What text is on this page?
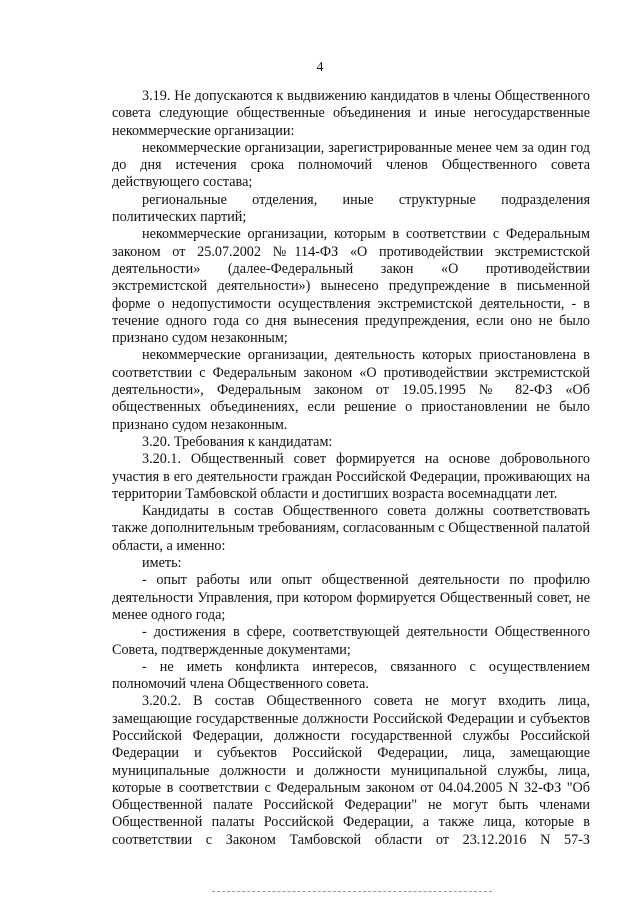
4

3.19. Не допускаются к выдвижению кандидатов в члены Общественного совета следующие общественные объединения и иные негосударственные некоммерческие организации:

некоммерческие организации, зарегистрированные менее чем за один год до дня истечения срока полномочий членов Общественного совета действующего состава;

региональные отделения, иные структурные подразделения политических партий;

некоммерческие организации, которым в соответствии с Федеральным законом от 25.07.2002 №114-ФЗ «О противодействии экстремистской деятельности» (далее-Федеральный закон «О противодействии экстремистской деятельности») вынесено предупреждение в письменной форме о недопустимости осуществления экстремистской деятельности, - в течение одного года со дня вынесения предупреждения, если оно не было признано судом незаконным;

некоммерческие организации, деятельность которых приостановлена в соответствии с Федеральным законом «О противодействии экстремистской деятельности», Федеральным законом от 19.05.1995 № 82-ФЗ «Об общественных объединениях, если решение о приостановлении не было признано судом незаконным.

3.20. Требования к кандидатам:

3.20.1. Общественный совет формируется на основе добровольного участия в его деятельности граждан Российской Федерации, проживающих на территории Тамбовской области и достигших возраста восемнадцати лет.

Кандидаты в состав Общественного совета должны соответствовать также дополнительным требованиям, согласованным с Общественной палатой области, а именно:

иметь:

- опыт работы или опыт общественной деятельности по профилю деятельности Управления, при котором формируется Общественный совет, не менее одного года;

- достижения в сфере, соответствующей деятельности Общественного Совета, подтвержденные документами;

- не иметь конфликта интересов, связанного с осуществлением полномочий члена Общественного совета.

3.20.2. В состав Общественного совета не могут входить лица, замещающие государственные должности Российской Федерации и субъектов Российской Федерации, должности государственной службы Российской Федерации и субъектов Российской Федерации, лица, замещающие муниципальные должности и должности муниципальной службы, лица, которые в соответствии с Федеральным законом от 04.04.2005 N 32-ФЗ "Об Общественной палате Российской Федерации" не могут быть членами Общественной палаты Российской Федерации, а также лица, которые в соответствии с Законом Тамбовской области от 23.12.2016 N 57-З
